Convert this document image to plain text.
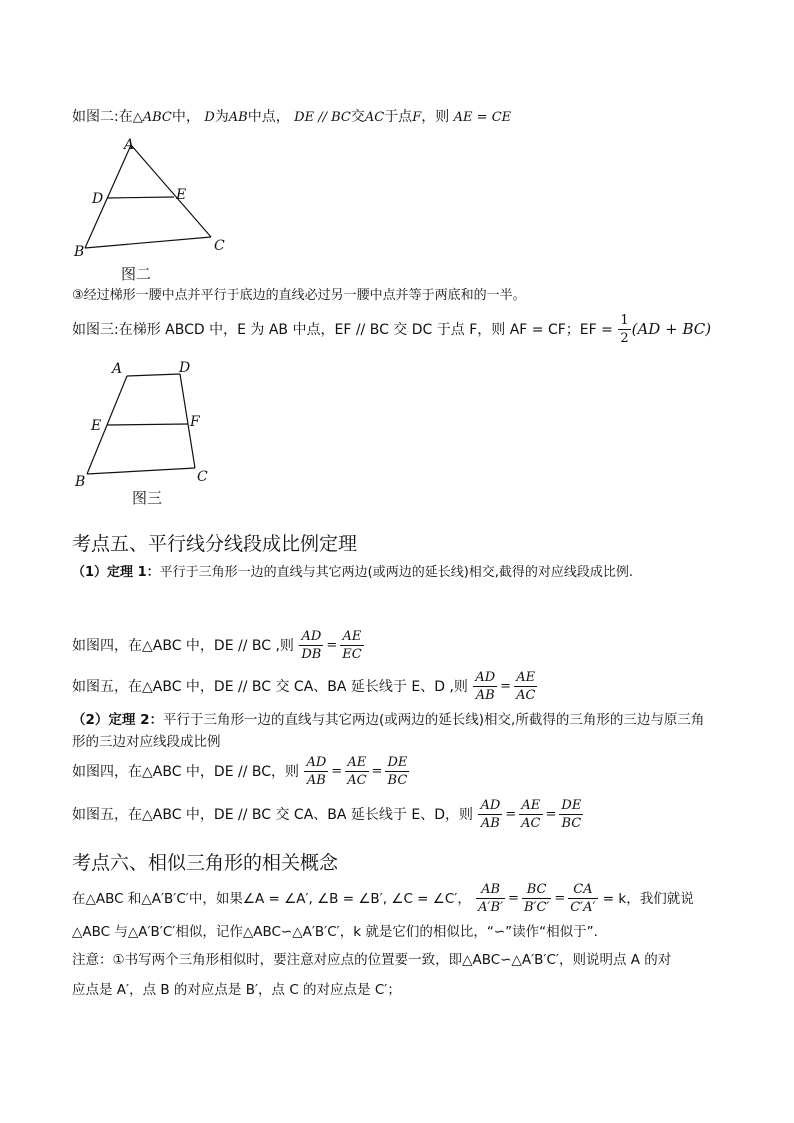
如图二:在△ABC中， D为AB中点， DE // BC交AC于点F，则 AE = CE
A
D	E
B	C
图二
③经过梯形一腰中点并平行于底边的直线必过另一腰中点并等于两底和的一半。
如图三:在梯形 ABCD 中，E 为 AB 中点，EF // BC 交 DC 于点 F，则 AF = CF；EF = $\frac{1}{2} (AD + BC)$
A	D
E	F
B	C
图三
考点五、平行线分线段成比例定理
（1）定理 1：平行于三角形一边的直线与其它两边(或两边的延长线)相交,截得的对应线段成比例.
如图四，在△ABC 中，DE // BC ,则 $\frac{AD}{DB} = \frac{AE}{EC}$
如图五，在△ABC 中，DE // BC 交 CA、BA 延长线于 E、D ,则 $\frac{AD}{AB} = \frac{AE}{AC}$
（2）定理 2：平行于三角形一边的直线与其它两边(或两边的延长线)相交,所截得的三角形的三边与原三角
形的三边对应线段成比例
如图四，在△ABC 中，DE // BC，则 $\frac{AD}{AB} = \frac{AE}{AC} = \frac{DE}{BC}$
如图五，在△ABC 中，DE // BC 交 CA、BA 延长线于 E、D，则 $\frac{AD}{AB} = \frac{AE}{AC} = \frac{DE}{BC}$
考点六、相似三角形的相关概念
在△ABC 和△A′B′C′中，如果∠A = ∠A′, ∠B = ∠B′, ∠C = ∠C′， $\frac{AB}{A'B'} = \frac{BC}{B'C'} = \frac{CA}{C'A'} = k$，我们就说
△ABC 与△A′B′C′相似，记作△ABC∽△A′B′C′，k 就是它们的相似比，“∽”读作“相似于”.
注意：①书写两个三角形相似时，要注意对应点的位置要一致，即△ABC∽△A′B′C′，则说明点 A 的对
应点是 A′，点 B 的对应点是 B′，点 C 的对应点是 C′；
